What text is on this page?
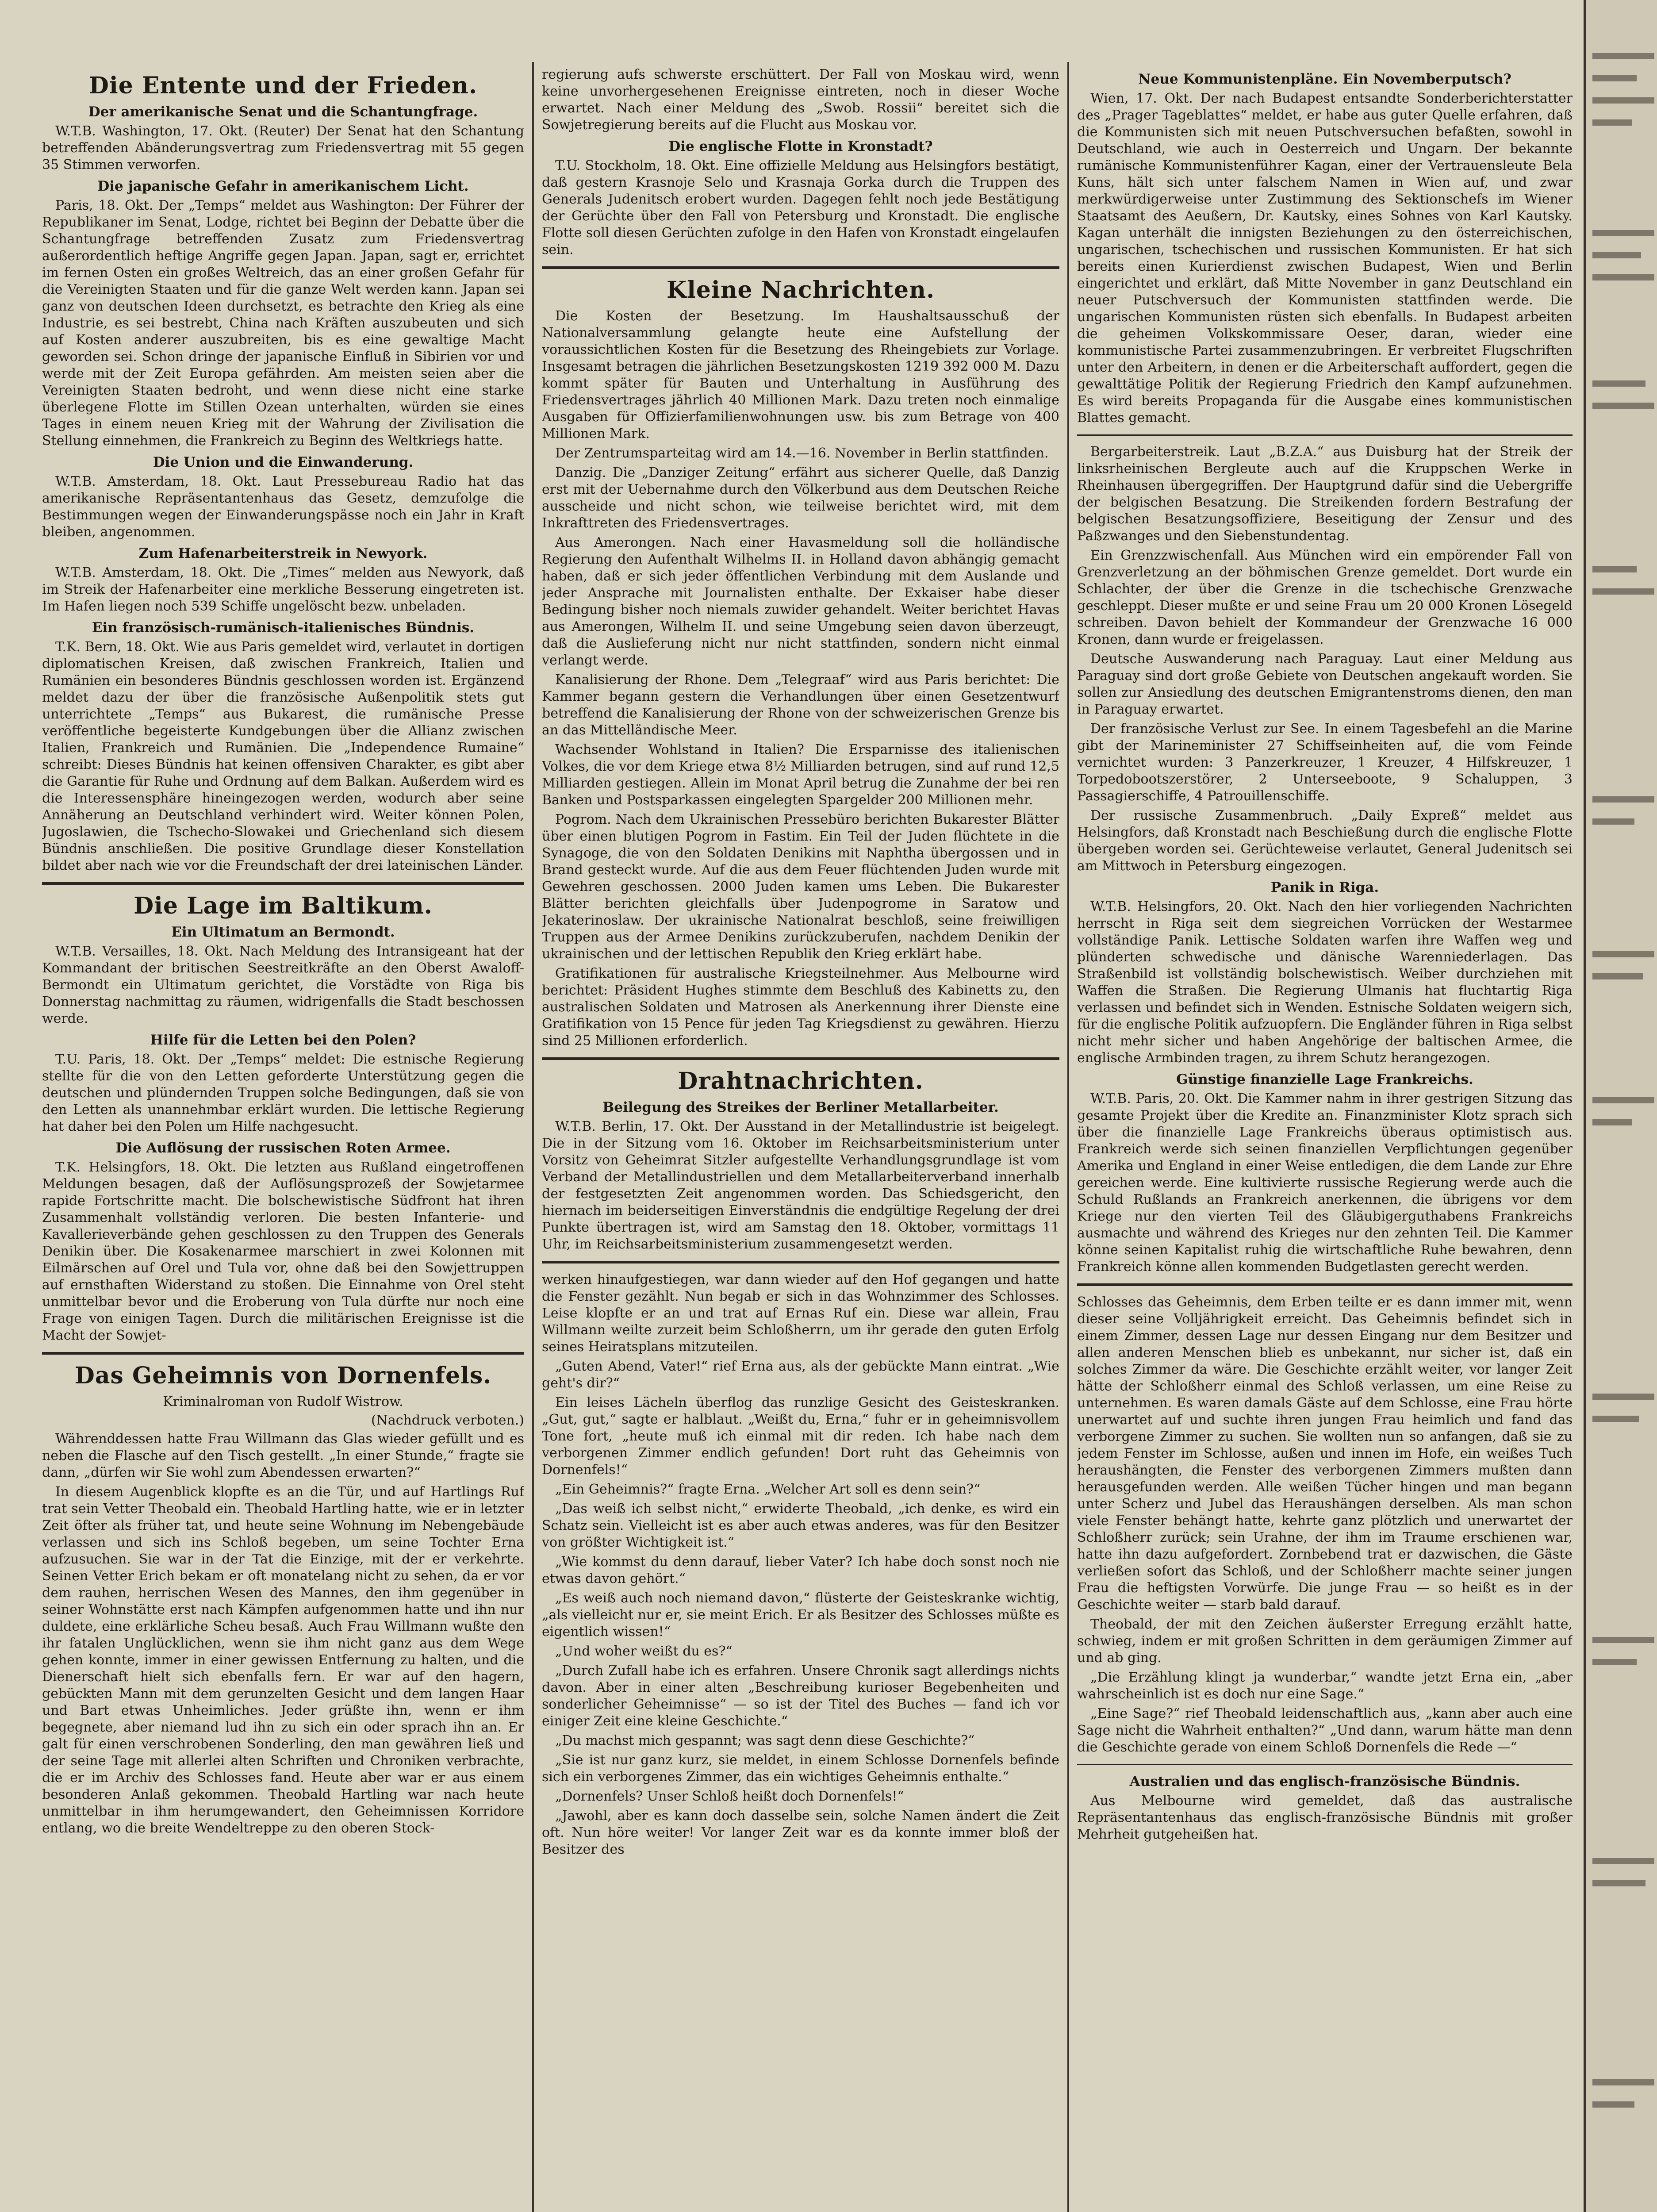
Die Entente und der Frieden.
Der amerikanische Senat und die Schantungfrage.

W.T.B. Washington, 17. Okt. (Reuter) Der Senat hat den Schantung betreffenden Abänderungsvertrag zum Friedensvertrag mit 55 gegen 35 Stimmen verworfen.

Die japanische Gefahr in amerikanischem Licht.

Paris, 18. Okt. Der „Temps“ meldet aus Washington: Der Führer der Republikaner im Senat, Lodge, richtet bei Beginn der Debatte über die Schantungfrage betreffenden Zusatz zum Friedensvertrag außerordentlich heftige Angriffe gegen Japan. Japan, sagt er, errichtet im fernen Osten ein großes Weltreich, das an einer großen Gefahr für die Vereinigten Staaten und für die ganze Welt werden kann. Japan sei ganz von deutschen Ideen durchsetzt, es betrachte den Krieg als eine Industrie, es sei bestrebt, China nach Kräften auszubeuten und sich auf Kosten anderer auszubreiten, bis es eine gewaltige Macht geworden sei. Schon dringe der japanische Einfluß in Sibirien vor und werde mit der Zeit Europa gefährden. Am meisten seien aber die Vereinigten Staaten bedroht, und wenn diese nicht eine starke überlegene Flotte im Stillen Ozean unterhalten, würden sie eines Tages in einem neuen Krieg mit der Wahrung der Zivilisation die Stellung einnehmen, die Frankreich zu Beginn des Weltkriegs hatte.

Die Union und die Einwanderung.

W.T.B. Amsterdam, 18. Okt. Laut Pressebureau Radio hat das amerikanische Repräsentantenhaus das Gesetz, demzufolge die Bestimmungen wegen der Einwanderungspässe noch ein Jahr in Kraft bleiben, angenommen.

Zum Hafenarbeiterstreik in Newyork.

W.T.B. Amsterdam, 18. Okt. Die „Times“ melden aus Newyork, daß im Streik der Hafenarbeiter eine merkliche Besserung eingetreten ist. Im Hafen liegen noch 539 Schiffe ungelöscht bezw. unbeladen.

Ein französisch-rumänisch-italienisches Bündnis.

T.K. Bern, 18. Okt. Wie aus Paris gemeldet wird, verlautet in dortigen diplomatischen Kreisen, daß zwischen Frankreich, Italien und Rumänien ein besonderes Bündnis geschlossen worden ist. Ergänzend meldet dazu der über die französische Außenpolitik stets gut unterrichtete „Temps“ aus Bukarest, die rumänische Presse veröffentliche begeisterte Kundgebungen über die Allianz zwischen Italien, Frankreich und Rumänien. Die „Independence Rumaine“ schreibt: Dieses Bündnis hat keinen offensiven Charakter, es gibt aber die Garantie für Ruhe und Ordnung auf dem Balkan. Außerdem wird es die Interessensphäre hineingezogen werden, wodurch aber seine Annäherung an Deutschland verhindert wird. Weiter können Polen, Jugoslawien, die Tschecho-Slowakei und Griechenland sich diesem Bündnis anschließen. Die positive Grundlage dieser Konstellation bildet aber nach wie vor die Freundschaft der drei lateinischen Länder.

Die Lage im Baltikum.
Ein Ultimatum an Bermondt.

W.T.B. Versailles, 18. Okt. Nach Meldung des Intransigeant hat der Kommandant der britischen Seestreitkräfte an den Oberst Awaloff-Bermondt ein Ultimatum gerichtet, die Vorstädte von Riga bis Donnerstag nachmittag zu räumen, widrigenfalls die Stadt beschossen werde.

Hilfe für die Letten bei den Polen?

T.U. Paris, 18. Okt. Der „Temps“ meldet: Die estnische Regierung stellte für die von den Letten geforderte Unterstützung gegen die deutschen und plündernden Truppen solche Bedingungen, daß sie von den Letten als unannehmbar erklärt wurden. Die lettische Regierung hat daher bei den Polen um Hilfe nachgesucht.

Die Auflösung der russischen Roten Armee.

T.K. Helsingfors, 18. Okt. Die letzten aus Rußland eingetroffenen Meldungen besagen, daß der Auflösungsprozeß der Sowjetarmee rapide Fortschritte macht. Die bolschewistische Südfront hat ihren Zusammenhalt vollständig verloren. Die besten Infanterie- und Kavallerieverbände gehen geschlossen zu den Truppen des Generals Denikin über. Die Kosakenarmee marschiert in zwei Kolonnen mit Eilmärschen auf Orel und Tula vor, ohne daß bei den Sowjettruppen auf ernsthaften Widerstand zu stoßen. Die Einnahme von Orel steht unmittelbar bevor und die Eroberung von Tula dürfte nur noch eine Frage von einigen Tagen. Durch die militärischen Ereignisse ist die Macht der Sowjet-

Das Geheimnis von Dornenfels.
Kriminalroman von Rudolf Wistrow.
(Nachdruck verboten.)

Währenddessen hatte Frau Willmann das Glas wieder gefüllt und es neben die Flasche auf den Tisch gestellt. „In einer Stunde,“ fragte sie dann, „dürfen wir Sie wohl zum Abendessen erwarten?“

In diesem Augenblick klopfte es an die Tür, und auf Hartlings Ruf trat sein Vetter Theobald ein. Theobald Hartling hatte, wie er in letzter Zeit öfter als früher tat, und heute seine Wohnung im Nebengebäude verlassen und sich ins Schloß begeben, um seine Tochter Erna aufzusuchen. Sie war in der Tat die Einzige, mit der er verkehrte. Seinen Vetter Erich bekam er oft monatelang nicht zu sehen, da er vor dem rauhen, herrischen Wesen des Mannes, den ihm gegenüber in seiner Wohnstätte erst nach Kämpfen aufgenommen hatte und ihn nur duldete, eine erklärliche Scheu besaß. Auch Frau Willmann wußte den ihr fatalen Unglücklichen, wenn sie ihm nicht ganz aus dem Wege gehen konnte, immer in einer gewissen Entfernung zu halten, und die Dienerschaft hielt sich ebenfalls fern. Er war auf den hagern, gebückten Mann mit dem gerunzelten Gesicht und dem langen Haar und Bart etwas Unheimliches. Jeder grüßte ihn, wenn er ihm begegnete, aber niemand lud ihn zu sich ein oder sprach ihn an. Er galt für einen verschrobenen Sonderling, den man gewähren ließ und der seine Tage mit allerlei alten Schriften und Chroniken verbrachte, die er im Archiv des Schlosses fand. Heute aber war er aus einem besonderen Anlaß gekommen. Theobald Hartling war nach heute unmittelbar in ihm herumgewandert, den Geheimnissen Korridore entlang, wo die breite Wendeltreppe zu den oberen Stock-

regierung aufs schwerste erschüttert. Der Fall von Moskau wird, wenn keine unvorhergesehenen Ereignisse eintreten, noch in dieser Woche erwartet. Nach einer Meldung des „Swob. Rossii“ bereitet sich die Sowjetregierung bereits auf die Flucht aus Moskau vor.

Die englische Flotte in Kronstadt?

T.U. Stockholm, 18. Okt. Eine offizielle Meldung aus Helsingfors bestätigt, daß gestern Krasnoje Selo und Krasnaja Gorka durch die Truppen des Generals Judenitsch erobert wurden. Dagegen fehlt noch jede Bestätigung der Gerüchte über den Fall von Petersburg und Kronstadt. Die englische Flotte soll diesen Gerüchten zufolge in den Hafen von Kronstadt eingelaufen sein.

Kleine Nachrichten.

Die Kosten der Besetzung. Im Haushaltsausschuß der Nationalversammlung gelangte heute eine Aufstellung der voraussichtlichen Kosten für die Besetzung des Rheingebiets zur Vorlage. Insgesamt betragen die jährlichen Besetzungskosten 1219 392 000 M. Dazu kommt später für Bauten und Unterhaltung in Ausführung des Friedensvertrages jährlich 40 Millionen Mark. Dazu treten noch einmalige Ausgaben für Offizierfamilienwohnungen usw. bis zum Betrage von 400 Millionen Mark.

Der Zentrumsparteitag wird am 14.—16. November in Berlin stattfinden.

Danzig. Die „Danziger Zeitung“ erfährt aus sicherer Quelle, daß Danzig erst mit der Uebernahme durch den Völkerbund aus dem Deutschen Reiche ausscheide und nicht schon, wie teilweise berichtet wird, mit dem Inkrafttreten des Friedensvertrages.

Aus Amerongen. Nach einer Havasmeldung soll die holländische Regierung den Aufenthalt Wilhelms II. in Holland davon abhängig gemacht haben, daß er sich jeder öffentlichen Verbindung mit dem Auslande und jeder Ansprache mit Journalisten enthalte. Der Exkaiser habe dieser Bedingung bisher noch niemals zuwider gehandelt. Weiter berichtet Havas aus Amerongen, Wilhelm II. und seine Umgebung seien davon überzeugt, daß die Auslieferung nicht nur nicht stattfinden, sondern nicht einmal verlangt werde.

Kanalisierung der Rhone. Dem „Telegraaf“ wird aus Paris berichtet: Die Kammer begann gestern die Verhandlungen über einen Gesetzentwurf betreffend die Kanalisierung der Rhone von der schweizerischen Grenze bis an das Mittelländische Meer.

Wachsender Wohlstand in Italien? Die Ersparnisse des italienischen Volkes, die vor dem Kriege etwa 8½ Milliarden betrugen, sind auf rund 12,5 Milliarden gestiegen. Allein im Monat April betrug die Zunahme der bei ren Banken und Postsparkassen eingelegten Spargelder 200 Millionen mehr.

Pogrom. Nach dem Ukrainischen Pressebüro berichten Bukarester Blätter über einen blutigen Pogrom in Fastim. Ein Teil der Juden flüchtete in die Synagoge, die von den Soldaten Denikins mit Naphtha übergossen und in Brand gesteckt wurde. Auf die aus dem Feuer flüchtenden Juden wurde mit Gewehren geschossen. 2000 Juden kamen ums Leben. Die Bukarester Blätter berichten gleichfalls über Judenpogrome in Saratow und Jekaterinoslaw. Der ukrainische Nationalrat beschloß, seine freiwilligen Truppen aus der Armee Denikins zurückzuberufen, nachdem Denikin der ukrainischen und der lettischen Republik den Krieg erklärt habe.

Gratifikationen für australische Kriegsteilnehmer. Aus Melbourne wird berichtet: Präsident Hughes stimmte dem Beschluß des Kabinetts zu, den australischen Soldaten und Matrosen als Anerkennung ihrer Dienste eine Gratifikation von 15 Pence für jeden Tag Kriegsdienst zu gewähren. Hierzu sind 25 Millionen erforderlich.

Drahtnachrichten.
Beilegung des Streikes der Berliner Metallarbeiter.

W.T.B. Berlin, 17. Okt. Der Ausstand in der Metallindustrie ist beigelegt. Die in der Sitzung vom 16. Oktober im Reichsarbeitsministerium unter Vorsitz von Geheimrat Sitzler aufgestellte Verhandlungsgrundlage ist vom Verband der Metallindustriellen und dem Metallarbeiterverband innerhalb der festgesetzten Zeit angenommen worden. Das Schiedsgericht, den hiernach im beiderseitigen Einverständnis die endgültige Regelung der drei Punkte übertragen ist, wird am Samstag den 18. Oktober, vormittags 11 Uhr, im Reichsarbeitsministerium zusammengesetzt werden.

werken hinaufgestiegen, war dann wieder auf den Hof gegangen und hatte die Fenster gezählt. Nun begab er sich in das Wohnzimmer des Schlosses. Leise klopfte er an und trat auf Ernas Ruf ein. Diese war allein, Frau Willmann weilte zurzeit beim Schloßherrn, um ihr gerade den guten Erfolg seines Heiratsplans mitzuteilen.

„Guten Abend, Vater!“ rief Erna aus, als der gebückte Mann eintrat. „Wie geht's dir?“

Ein leises Lächeln überflog das runzlige Gesicht des Geisteskranken. „Gut, gut,“ sagte er halblaut. „Weißt du, Erna,“ fuhr er in geheimnisvollem Tone fort, „heute muß ich einmal mit dir reden. Ich habe nach dem verborgenen Zimmer endlich gefunden! Dort ruht das Geheimnis von Dornenfels!“

„Ein Geheimnis?“ fragte Erna. „Welcher Art soll es denn sein?“

„Das weiß ich selbst nicht,“ erwiderte Theobald, „ich denke, es wird ein Schatz sein. Vielleicht ist es aber auch etwas anderes, was für den Besitzer von größter Wichtigkeit ist.“

„Wie kommst du denn darauf, lieber Vater? Ich habe doch sonst noch nie etwas davon gehört.“

„Es weiß auch noch niemand davon,“ flüsterte der Geisteskranke wichtig, „als vielleicht nur er, sie meint Erich. Er als Besitzer des Schlosses müßte es eigentlich wissen!“

„Und woher weißt du es?“

„Durch Zufall habe ich es erfahren. Unsere Chronik sagt allerdings nichts davon. Aber in einer alten „Beschreibung kurioser Begebenheiten und sonderlicher Geheimnisse“ — so ist der Titel des Buches — fand ich vor einiger Zeit eine kleine Geschichte.“

„Du machst mich gespannt; was sagt denn diese Geschichte?“

„Sie ist nur ganz kurz, sie meldet, in einem Schlosse Dornenfels befinde sich ein verborgenes Zimmer, das ein wichtiges Geheimnis enthalte.“

„Dornenfels? Unser Schloß heißt doch Dornenfels!“

„Jawohl, aber es kann doch dasselbe sein, solche Namen ändert die Zeit oft. Nun höre weiter! Vor langer Zeit war es da konnte immer bloß der Besitzer des

Neue Kommunistenpläne. Ein Novemberputsch?

Wien, 17. Okt. Der nach Budapest entsandte Sonderberichterstatter des „Prager Tageblattes“ meldet, er habe aus guter Quelle erfahren, daß die Kommunisten sich mit neuen Putschversuchen befaßten, sowohl in Deutschland, wie auch in Oesterreich und Ungarn. Der bekannte rumänische Kommunistenführer Kagan, einer der Vertrauensleute Bela Kuns, hält sich unter falschem Namen in Wien auf, und zwar merkwürdigerweise unter Zustimmung des Sektionschefs im Wiener Staatsamt des Aeußern, Dr. Kautsky, eines Sohnes von Karl Kautsky. Kagan unterhält die innigsten Beziehungen zu den österreichischen, ungarischen, tschechischen und russischen Kommunisten. Er hat sich bereits einen Kurierdienst zwischen Budapest, Wien und Berlin eingerichtet und erklärt, daß Mitte November in ganz Deutschland ein neuer Putschversuch der Kommunisten stattfinden werde. Die ungarischen Kommunisten rüsten sich ebenfalls. In Budapest arbeiten die geheimen Volkskommissare Oeser, daran, wieder eine kommunistische Partei zusammenzubringen. Er verbreitet Flugschriften unter den Arbeitern, in denen er die Arbeiterschaft auffordert, gegen die gewalttätige Politik der Regierung Friedrich den Kampf aufzunehmen. Es wird bereits Propaganda für die Ausgabe eines kommunistischen Blattes gemacht.

Bergarbeiterstreik. Laut „B.Z.A.“ aus Duisburg hat der Streik der linksrheinischen Bergleute auch auf die Kruppschen Werke in Rheinhausen übergegriffen. Der Hauptgrund dafür sind die Uebergriffe der belgischen Besatzung. Die Streikenden fordern Bestrafung der belgischen Besatzungsoffiziere, Beseitigung der Zensur und des Paßzwanges und den Siebenstundentag.

Ein Grenzzwischenfall. Aus München wird ein empörender Fall von Grenzverletzung an der böhmischen Grenze gemeldet. Dort wurde ein Schlachter, der über die Grenze in die tschechische Grenzwache geschleppt. Dieser mußte er und seine Frau um 20 000 Kronen Lösegeld schreiben. Davon behielt der Kommandeur der Grenzwache 16 000 Kronen, dann wurde er freigelassen.

Deutsche Auswanderung nach Paraguay. Laut einer Meldung aus Paraguay sind dort große Gebiete von Deutschen angekauft worden. Sie sollen zur Ansiedlung des deutschen Emigrantenstroms dienen, den man in Paraguay erwartet.

Der französische Verlust zur See. In einem Tagesbefehl an die Marine gibt der Marineminister 27 Schiffseinheiten auf, die vom Feinde vernichtet wurden: 3 Panzerkreuzer, 1 Kreuzer, 4 Hilfskreuzer, 1 Torpedobootszerstörer, 2 Unterseeboote, 9 Schaluppen, 3 Passagierschiffe, 4 Patrouillenschiffe.

Der russische Zusammenbruch. „Daily Expreß“ meldet aus Helsingfors, daß Kronstadt nach Beschießung durch die englische Flotte übergeben worden sei. Gerüchteweise verlautet, General Judenitsch sei am Mittwoch in Petersburg eingezogen.

Panik in Riga.

W.T.B. Helsingfors, 20. Okt. Nach den hier vorliegenden Nachrichten herrscht in Riga seit dem siegreichen Vorrücken der Westarmee vollständige Panik. Lettische Soldaten warfen ihre Waffen weg und plünderten schwedische und dänische Warenniederlagen. Das Straßenbild ist vollständig bolschewistisch. Weiber durchziehen mit Waffen die Straßen. Die Regierung Ulmanis hat fluchtartig Riga verlassen und befindet sich in Wenden. Estnische Soldaten weigern sich, für die englische Politik aufzuopfern. Die Engländer führen in Riga selbst nicht mehr sicher und haben Angehörige der baltischen Armee, die englische Armbinden tragen, zu ihrem Schutz herangezogen.

Günstige finanzielle Lage Frankreichs.

W.T.B. Paris, 20. Okt. Die Kammer nahm in ihrer gestrigen Sitzung das gesamte Projekt über die Kredite an. Finanzminister Klotz sprach sich über die finanzielle Lage Frankreichs überaus optimistisch aus. Frankreich werde sich seinen finanziellen Verpflichtungen gegenüber Amerika und England in einer Weise entledigen, die dem Lande zur Ehre gereichen werde. Eine kultivierte russische Regierung werde auch die Schuld Rußlands an Frankreich anerkennen, die übrigens vor dem Kriege nur den vierten Teil des Gläubigerguthabens Frankreichs ausmachte und während des Krieges nur den zehnten Teil. Die Kammer könne seinen Kapitalist ruhig die wirtschaftliche Ruhe bewahren, denn Frankreich könne allen kommenden Budgetlasten gerecht werden.

Schlosses das Geheimnis, dem Erben teilte er es dann immer mit, wenn dieser seine Volljährigkeit erreicht. Das Geheimnis befindet sich in einem Zimmer, dessen Lage nur dessen Eingang nur dem Besitzer und allen anderen Menschen blieb es unbekannt, nur sicher ist, daß ein solches Zimmer da wäre. Die Geschichte erzählt weiter, vor langer Zeit hätte der Schloßherr einmal des Schloß verlassen, um eine Reise zu unternehmen. Es waren damals Gäste auf dem Schlosse, eine Frau hörte unerwartet auf und suchte ihren jungen Frau heimlich und fand das verborgene Zimmer zu suchen. Sie wollten nun so anfangen, daß sie zu jedem Fenster im Schlosse, außen und innen im Hofe, ein weißes Tuch heraushängten, die Fenster des verborgenen Zimmers mußten dann herausgefunden werden. Alle weißen Tücher hingen und man begann unter Scherz und Jubel das Heraushängen derselben. Als man schon viele Fenster behängt hatte, kehrte ganz plötzlich und unerwartet der Schloßherr zurück; sein Urahne, der ihm im Traume erschienen war, hatte ihn dazu aufgefordert. Zornbebend trat er dazwischen, die Gäste verließen sofort das Schloß, und der Schloßherr machte seiner jungen Frau die heftigsten Vorwürfe. Die junge Frau — so heißt es in der Geschichte weiter — starb bald darauf.

Theobald, der mit den Zeichen äußerster Erregung erzählt hatte, schwieg, indem er mit großen Schritten in dem geräumigen Zimmer auf und ab ging.

„Die Erzählung klingt ja wunderbar,“ wandte jetzt Erna ein, „aber wahrscheinlich ist es doch nur eine Sage.“

„Eine Sage?“ rief Theobald leidenschaftlich aus, „kann aber auch eine Sage nicht die Wahrheit enthalten?“ „Und dann, warum hätte man denn die Geschichte gerade von einem Schloß Dornenfels die Rede —“

Australien und das englisch-französische Bündnis.

Aus Melbourne wird gemeldet, daß das australische Repräsentantenhaus das englisch-französische Bündnis mit großer Mehrheit gutgeheißen hat.
